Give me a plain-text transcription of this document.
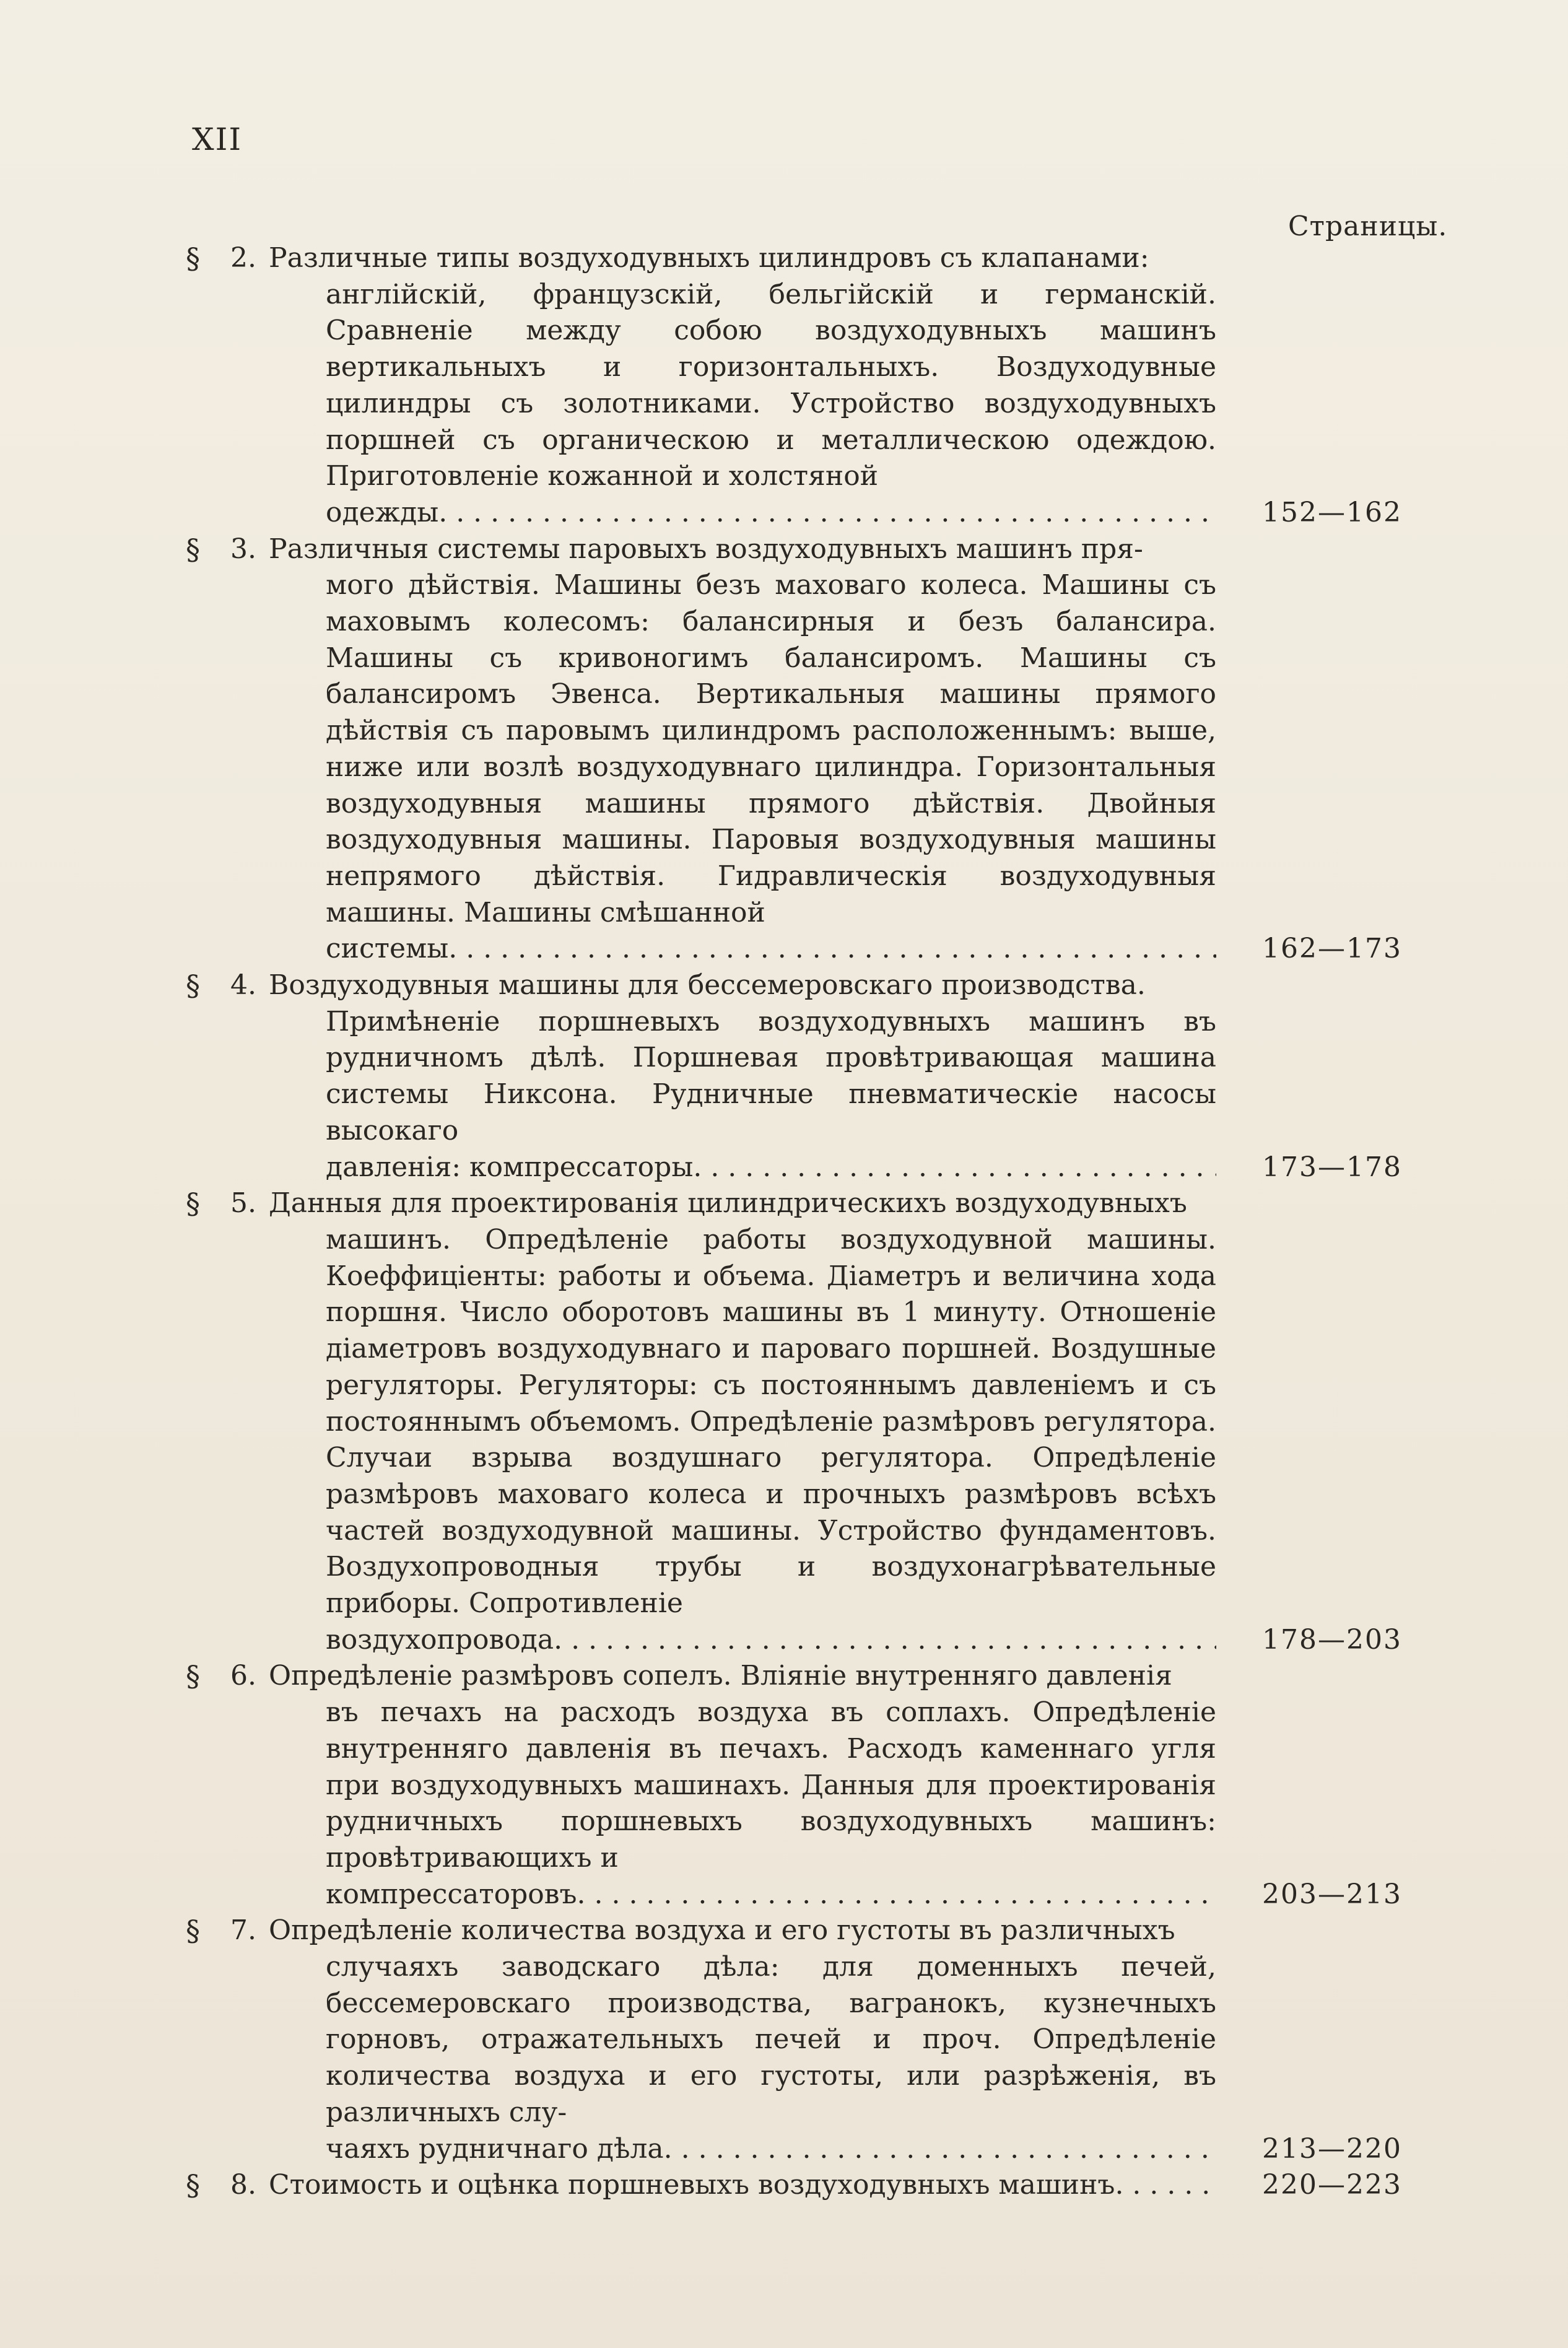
XII
Страницы.
§	2. Различные типы воздуходувныхъ цилиндровъ съ клапанами:
англійскій, французскій, бельгійскій и германскій. Сравненіе между собою воздуходувныхъ машинъ вертикальныхъ и горизонтальныхъ. Воздуходувные цилиндры съ золотниками. Устройство воздуходувныхъ поршней съ органическою и металлическою одеждою. Приготовленіе кожанной и холстяной
одежды . . .	152—162
§	3. Различныя системы паровыхъ воздуходувныхъ машинъ пря-
мого дѣйствія. Машины безъ маховаго колеса. Машины съ маховымъ колесомъ: балансирныя и безъ балансира. Машины съ кривоногимъ балансиромъ. Машины съ балансиромъ Эвенса. Вертикальныя машины прямого дѣйствія съ паровымъ цилиндромъ расположеннымъ: выше, ниже или возлѣ воздуходувнаго цилиндра. Горизонтальныя воздуходувныя машины прямого дѣйствія. Двойныя воздуходувныя машины. Паровыя воздуходувныя машины непрямого дѣйствія. Гидравлическія воздуходувныя машины. Машины смѣшанной
системы . . .	162—173
§	4. Воздуходувныя машины для бессемеровскаго производства.
Примѣненіе поршневыхъ воздуходувныхъ машинъ въ рудничномъ дѣлѣ. Поршневая провѣтривающая машина системы Никсона. Рудничные пневматическіе насосы высокаго
давленія: компрессаторы . . .	173—178
§	5. Данныя для проектированія цилиндрическихъ воздуходувныхъ
машинъ. Опредѣленіе работы воздуходувной машины. Коеффиціенты: работы и объема. Діаметръ и величина хода поршня. Число оборотовъ машины въ 1 минуту. Отношеніе діаметровъ воздуходувнаго и пароваго поршней. Воздушные регуляторы. Регуляторы: съ постояннымъ давленіемъ и съ постояннымъ объемомъ. Опредѣленіе размѣровъ регулятора. Случаи взрыва воздушнаго регулятора. Опредѣленіе размѣровъ маховаго колеса и прочныхъ размѣровъ всѣхъ частей воздуходувной машины. Устройство фундаментовъ. Воздухопроводныя трубы и воздухонагрѣвательные приборы. Сопротивленіе
воздухопровода . . .	178—203
§	6. Опредѣленіе размѣровъ сопелъ. Вліяніе внутренняго давленія
въ печахъ на расходъ воздуха въ соплахъ. Опредѣленіе внутренняго давленія въ печахъ. Расходъ каменнаго угля при воздуходувныхъ машинахъ. Данныя для проектированія рудничныхъ поршневыхъ воздуходувныхъ машинъ: провѣтривающихъ и
компрессаторовъ . . .	203—213
§	7. Опредѣленіе количества воздуха и его густоты въ различныхъ
случаяхъ заводскаго дѣла: для доменныхъ печей, бессемеровскаго производства, вагранокъ, кузнечныхъ горновъ, отражательныхъ печей и проч. Опредѣленіе количества воздуха и его густоты, или разрѣженія, въ различныхъ слу-
чаяхъ рудничнаго дѣла . . .	213—220
§	8. Стоимость и оцѣнка поршневыхъ воздуходувныхъ машинъ . . .	220—223
